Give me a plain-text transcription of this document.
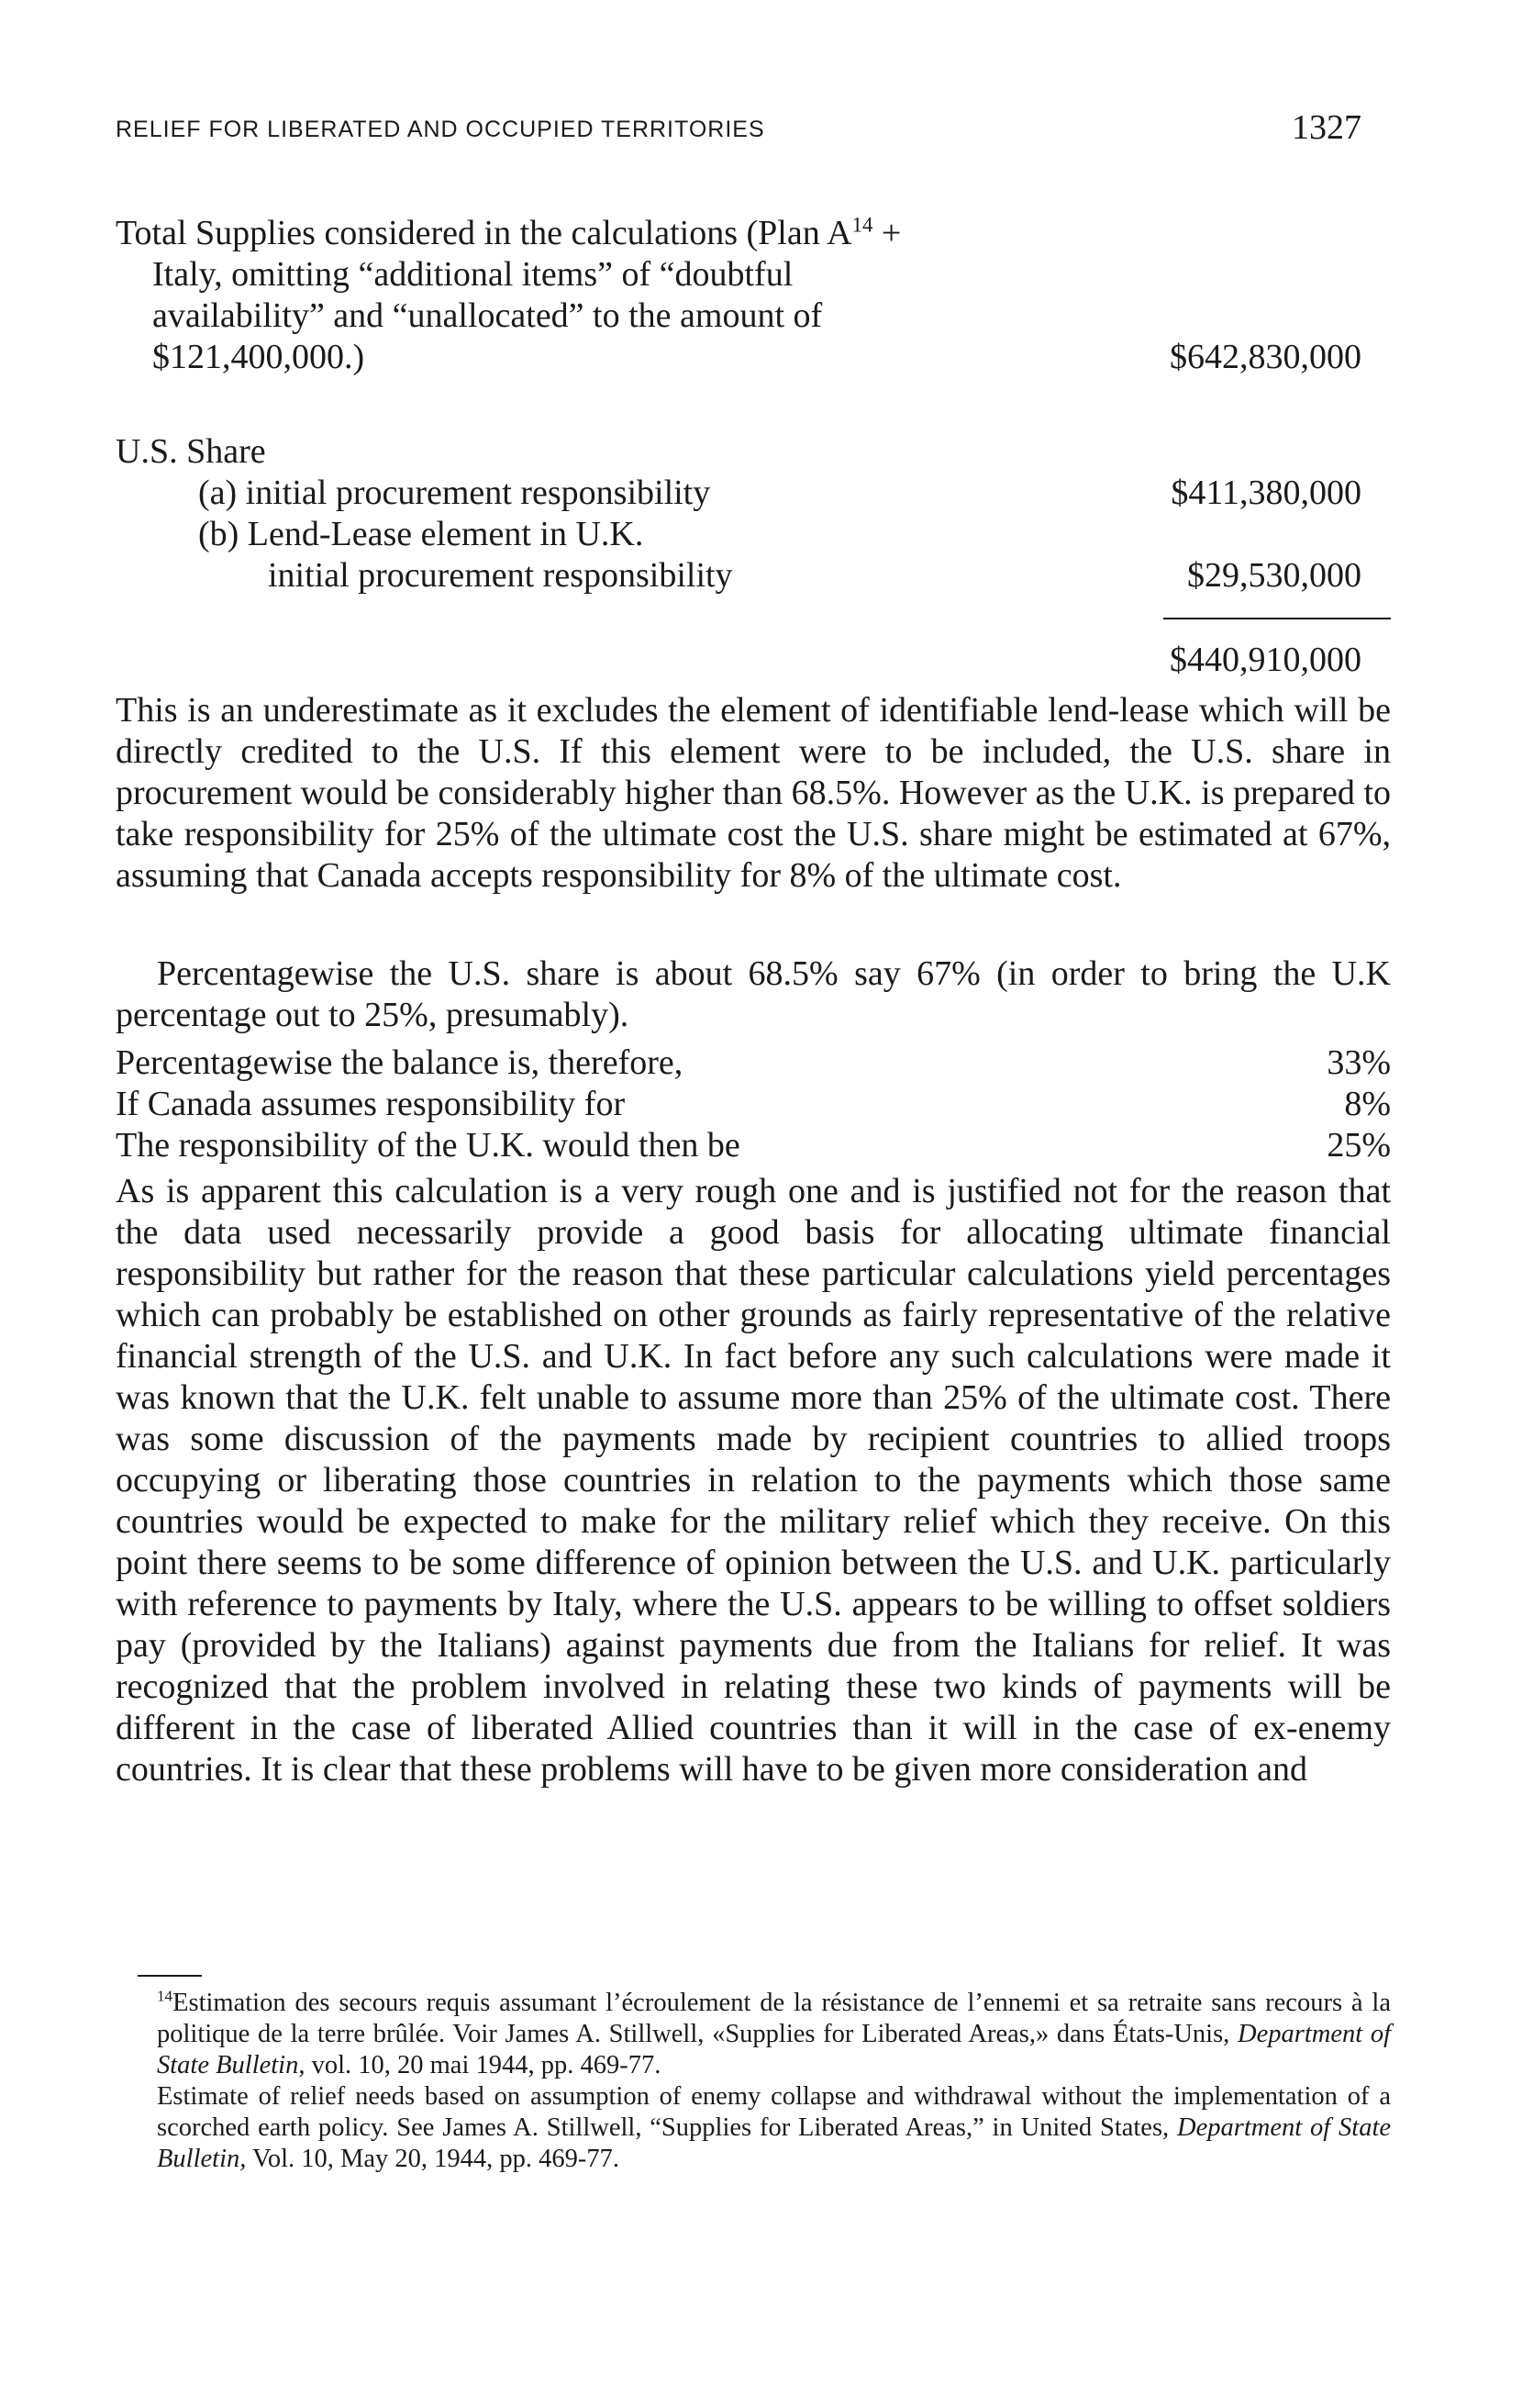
RELIEF FOR LIBERATED AND OCCUPIED TERRITORIES	1327
Total Supplies considered in the calculations (Plan $A^{14}$ +
Italy, omitting “additional items” of “doubtful
availability” and “unallocated” to the amount of
$121,400,000.)	$642,830,000
U.S. Share
(a) initial procurement responsibility	$411,380,000
(b) Lend-Lease element in U.K.
initial procurement responsibility	$29,530,000
$440,910,000
This is an underestimate as it excludes the element of identifiable lend-lease which will be directly credited to the U.S. If this element were to be included, the U.S. share in procurement would be considerably higher than 68.5%. However as the U.K. is prepared to take responsibility for 25% of the ultimate cost the U.S. share might be estimated at 67%, assuming that Canada accepts responsibility for 8% of the ultimate cost.
Percentagewise the U.S. share is about 68.5% say 67% (in order to bring the U.K percentage out to 25%, presumably).
Percentagewise the balance is, therefore,	33%
If Canada assumes responsibility for	8%
The responsibility of the U.K. would then be	25%
As is apparent this calculation is a very rough one and is justified not for the reason that the data used necessarily provide a good basis for allocating ultimate financial responsibility but rather for the reason that these particular calculations yield percentages which can probably be established on other grounds as fairly representative of the relative financial strength of the U.S. and U.K. In fact before any such calculations were made it was known that the U.K. felt unable to assume more than 25% of the ultimate cost. There was some discussion of the payments made by recipient countries to allied troops occupying or liberating those countries in relation to the payments which those same countries would be expected to make for the military relief which they receive. On this point there seems to be some difference of opinion between the U.S. and U.K. particularly with reference to payments by Italy, where the U.S. appears to be willing to offset soldiers pay (provided by the Italians) against payments due from the Italians for relief. It was recognized that the problem involved in relating these two kinds of payments will be different in the case of liberated Allied countries than it will in the case of ex-enemy countries. It is clear that these problems will have to be given more consideration and
$^{14}$Estimation des secours requis assumant l’écroulement de la résistance de l’ennemi et sa retraite sans recours à la politique de la terre brûlée. Voir James A. Stillwell, «Supplies for Liberated Areas,» dans États-Unis, Department of State Bulletin, vol. 10, 20 mai 1944, pp. 469-77.
Estimate of relief needs based on assumption of enemy collapse and withdrawal without the implementation of a scorched earth policy. See James A. Stillwell, “Supplies for Liberated Areas,” in United States, Department of State Bulletin, Vol. 10, May 20, 1944, pp. 469-77.
